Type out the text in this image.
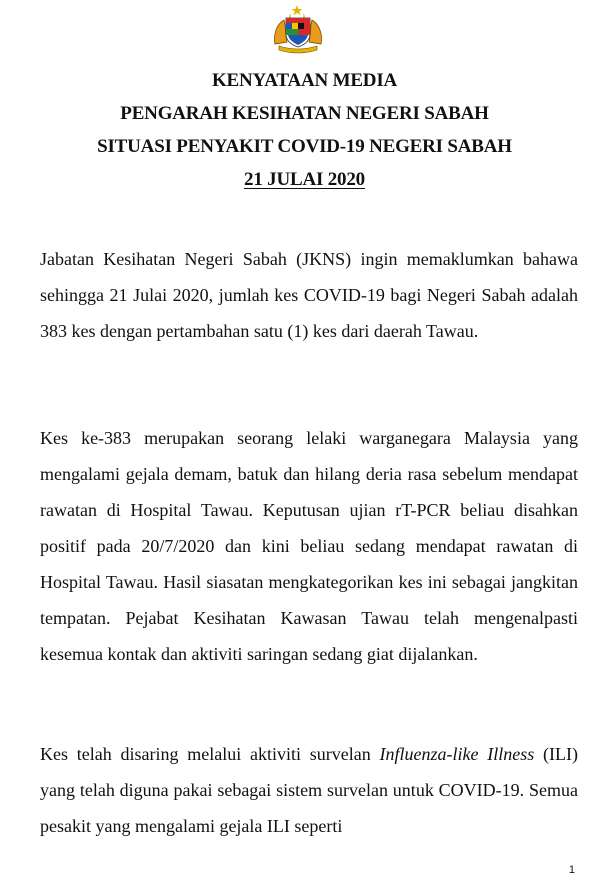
KENYATAAN MEDIA
PENGARAH KESIHATAN NEGERI SABAH
SITUASI PENYAKIT COVID-19 NEGERI SABAH
21 JULAI 2020

Jabatan Kesihatan Negeri Sabah (JKNS) ingin memaklumkan bahawa sehingga 21 Julai 2020, jumlah kes COVID-19 bagi Negeri Sabah adalah 383 kes dengan pertambahan satu (1) kes dari daerah Tawau.

Kes ke-383 merupakan seorang lelaki warganegara Malaysia yang mengalami gejala demam, batuk dan hilang deria rasa sebelum mendapat rawatan di Hospital Tawau. Keputusan ujian rT-PCR beliau disahkan positif pada 20/7/2020 dan kini beliau sedang mendapat rawatan di Hospital Tawau. Hasil siasatan mengkategorikan kes ini sebagai jangkitan tempatan. Pejabat Kesihatan Kawasan Tawau telah mengenalpasti kesemua kontak dan aktiviti saringan sedang giat dijalankan.

Kes telah disaring melalui aktiviti survelan Influenza-like Illness (ILI) yang telah diguna pakai sebagai sistem survelan untuk COVID-19. Semua pesakit yang mengalami gejala ILI seperti

1
